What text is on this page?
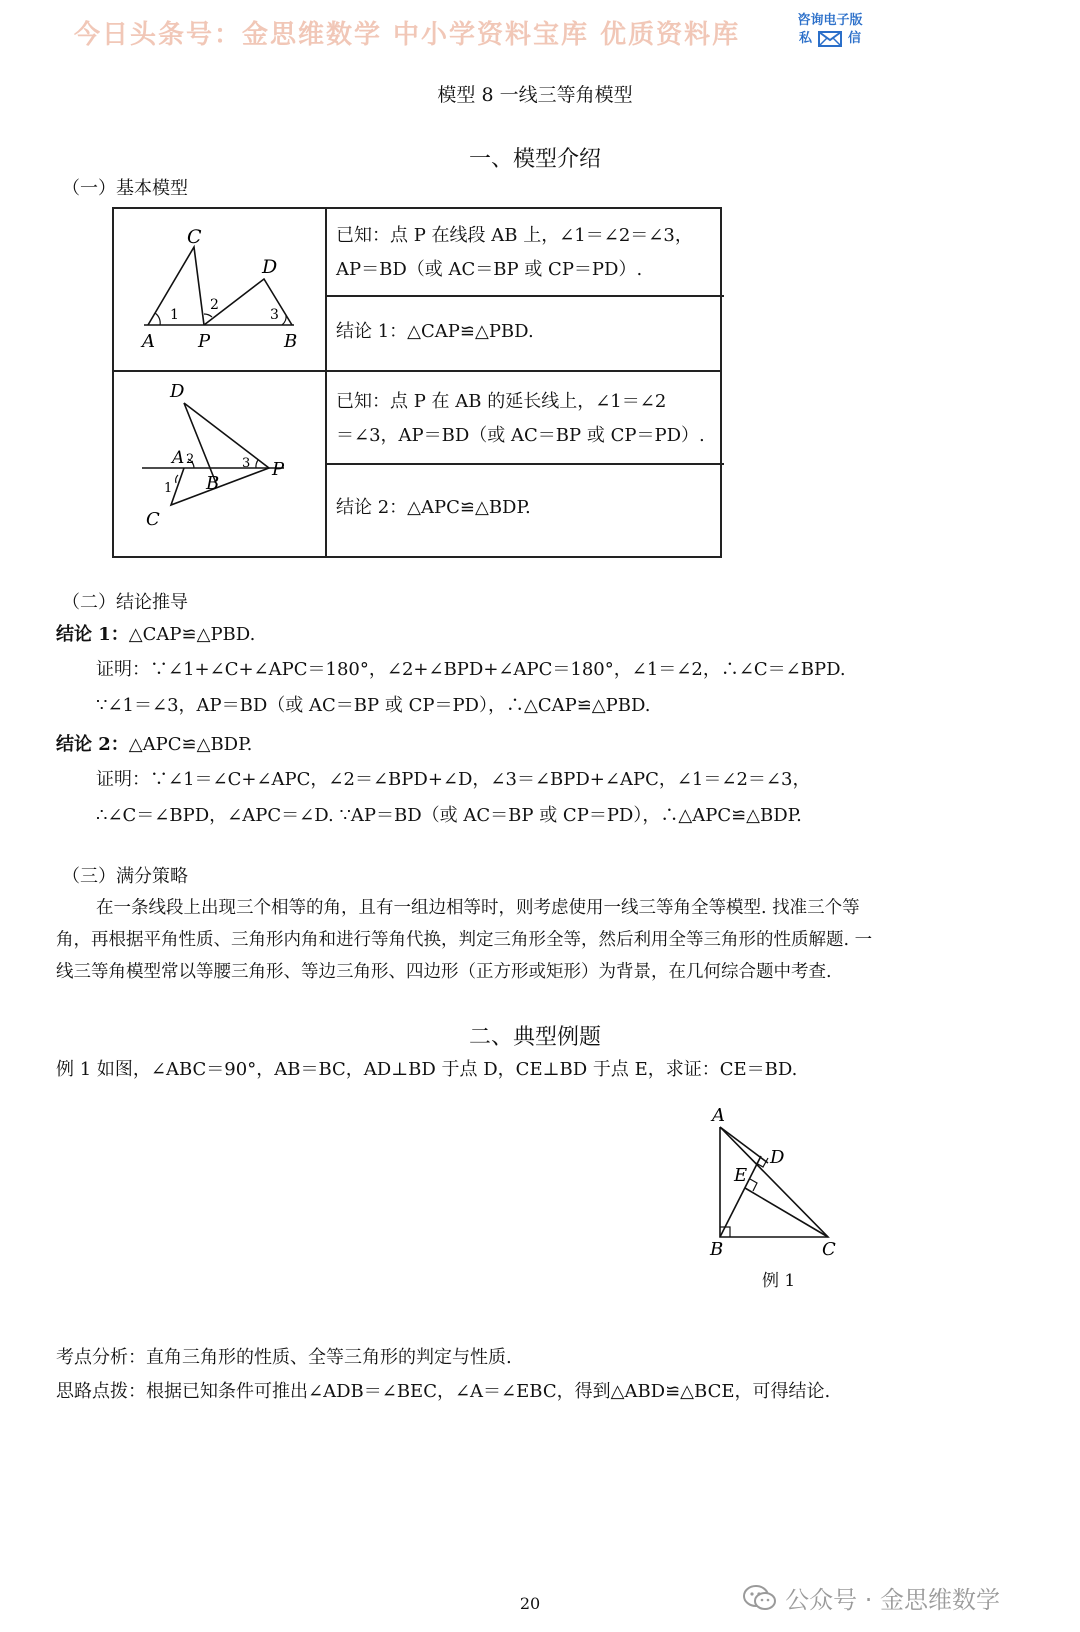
今日头条号：金思维数学 中小学资料宝库 优质资料库	咨询电子版
私	信
模型 8 一线三等角模型
一、模型介绍
（一）基本模型
C
D
1
2
3
A P	B
已知：点 P 在线段 AB 上，∠1＝∠2＝∠3，
AP＝BD（或 AC＝BP 或 CP＝PD）.
结论 1：△CAP≌△PBD.
D
A 2	3 P
1 B
C
已知：点 P 在 AB 的延长线上，∠1＝∠2
＝∠3，AP＝BD（或 AC＝BP 或 CP＝PD）.
结论 2：△APC≌△BDP.
（二）结论推导
结论 1：△CAP≌△PBD.
证明：∵∠1+∠C+∠APC＝180°，∠2+∠BPD+∠APC＝180°，∠1＝∠2，∴∠C＝∠BPD.
∵∠1＝∠3，AP＝BD（或 AC＝BP 或 CP＝PD），∴△CAP≌△PBD.
结论 2：△APC≌△BDP.
证明：∵∠1＝∠C+∠APC，∠2＝∠BPD+∠D，∠3＝∠BPD+∠APC，∠1＝∠2＝∠3，
∴∠C＝∠BPD，∠APC＝∠D. ∵AP＝BD（或 AC＝BP 或 CP＝PD），∴△APC≌△BDP.
（三）满分策略
在一条线段上出现三个相等的角，且有一组边相等时，则考虑使用一线三等角全等模型. 找准三个等
角，再根据平角性质、三角形内角和进行等角代换，判定三角形全等，然后利用全等三角形的性质解题. 一
线三等角模型常以等腰三角形、等边三角形、四边形（正方形或矩形）为背景，在几何综合题中考查.
二、典型例题
例 1 如图，∠ABC＝90°，AB＝BC，AD⊥BD 于点 D，CE⊥BD 于点 E，求证：CE＝BD.
A
D
E
B	C
例 1
考点分析：直角三角形的性质、全等三角形的判定与性质.
思路点拨：根据已知条件可推出∠ADB＝∠BEC，∠A＝∠EBC，得到△ABD≌△BCE，可得结论.
公众号 · 金思维数学
20
